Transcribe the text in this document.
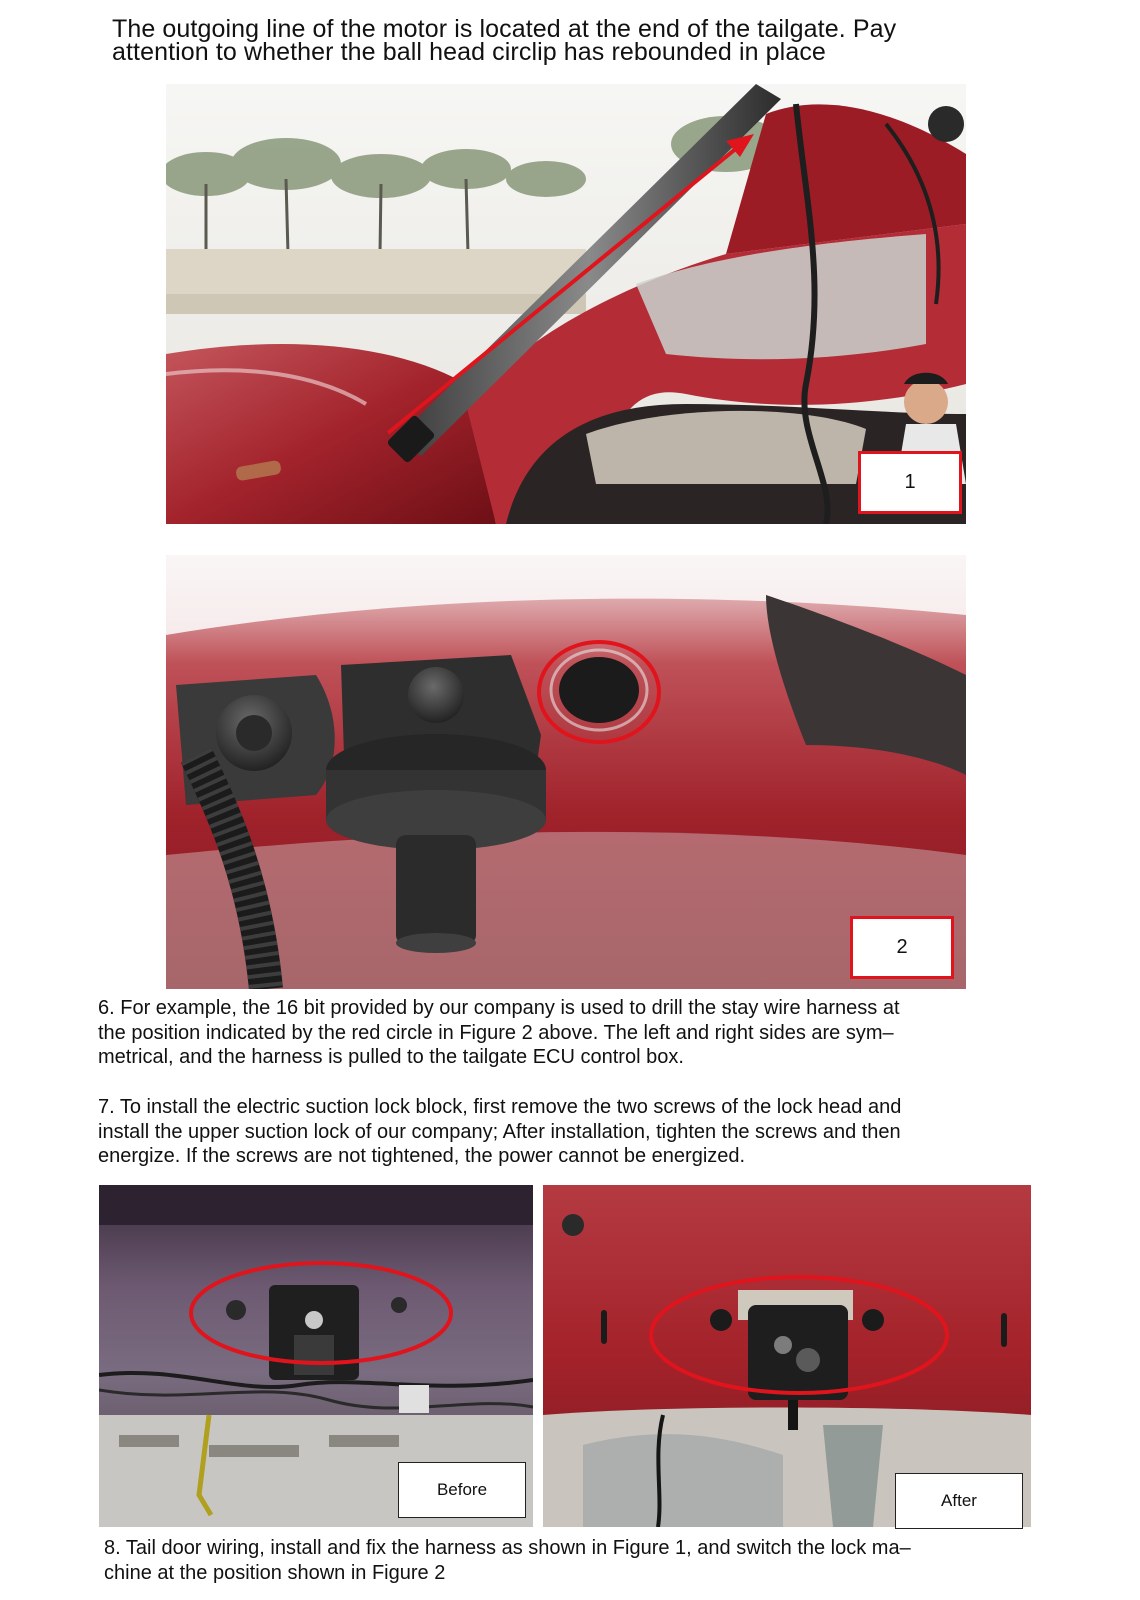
The outgoing line of the motor is located at the end of the tailgate. Pay
attention to whether the ball head circlip has rebounded in place
1
2
6. For example, the 16 bit provided by our company is used to drill the stay wire harness at
the position indicated by the red circle in Figure 2 above. The left and right sides are sym–
metrical, and the harness is pulled to the tailgate ECU control box.
7. To install the electric suction lock block, first remove the two screws of the lock head and
install the upper suction lock of our company; After installation, tighten the screws and then
energize. If the screws are not tightened, the power cannot be energized.
Before
After
8. Tail door wiring, install and fix the harness as shown in Figure 1, and switch the lock ma–
chine at the position shown in Figure 2
